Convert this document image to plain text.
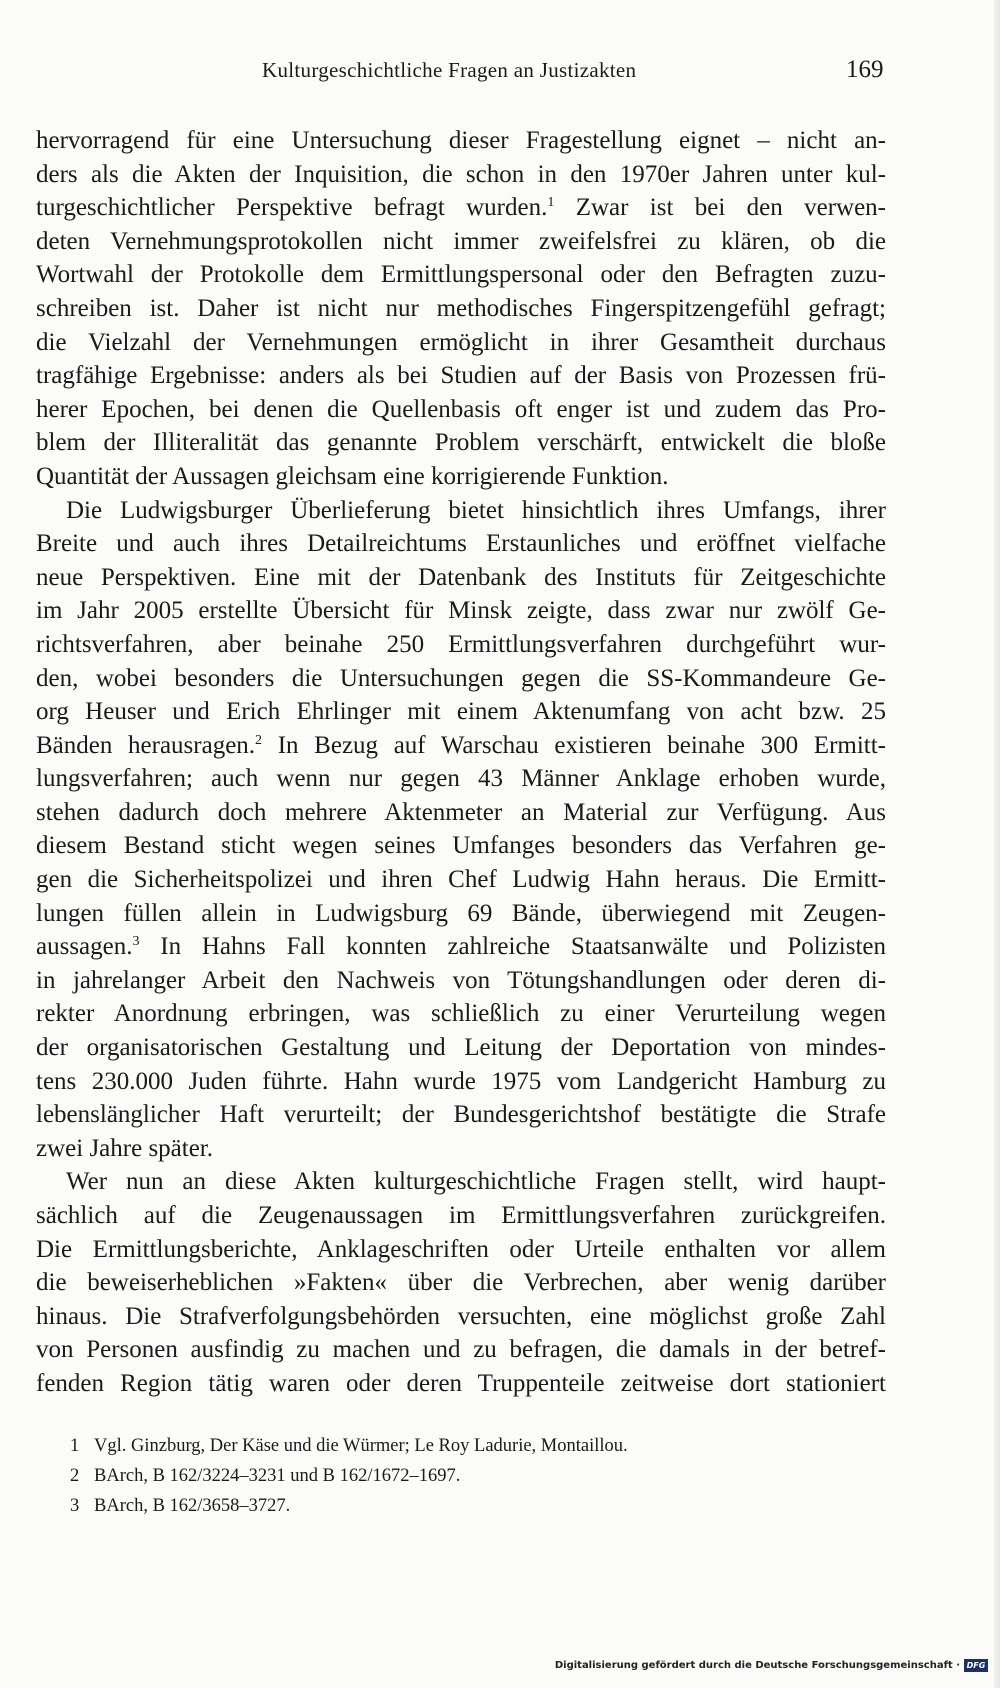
Kulturgeschichtliche Fragen an Justizakten	169
hervorragend für eine Untersuchung dieser Fragestellung eignet – nicht an-
ders als die Akten der Inquisition, die schon in den 1970er Jahren unter kul-
turgeschichtlicher Perspektive befragt wurden.$^1$ Zwar ist bei den verwen-
deten Vernehmungsprotokollen nicht immer zweifelsfrei zu klären, ob die
Wortwahl der Protokolle dem Ermittlungspersonal oder den Befragten zuzu-
schreiben ist. Daher ist nicht nur methodisches Fingerspitzengefühl gefragt;
die Vielzahl der Vernehmungen ermöglicht in ihrer Gesamtheit durchaus
tragfähige Ergebnisse: anders als bei Studien auf der Basis von Prozessen frü-
herer Epochen, bei denen die Quellenbasis oft enger ist und zudem das Pro-
blem der Illiteralität das genannte Problem verschärft, entwickelt die bloße
Quantität der Aussagen gleichsam eine korrigierende Funktion.
Die Ludwigsburger Überlieferung bietet hinsichtlich ihres Umfangs, ihrer
Breite und auch ihres Detailreichtums Erstaunliches und eröffnet vielfache
neue Perspektiven. Eine mit der Datenbank des Instituts für Zeitgeschichte
im Jahr 2005 erstellte Übersicht für Minsk zeigte, dass zwar nur zwölf Ge-
richtsverfahren, aber beinahe 250 Ermittlungsverfahren durchgeführt wur-
den, wobei besonders die Untersuchungen gegen die SS-Kommandeure Ge-
org Heuser und Erich Ehrlinger mit einem Aktenumfang von acht bzw. 25
Bänden herausragen.$^2$ In Bezug auf Warschau existieren beinahe 300 Ermitt-
lungsverfahren; auch wenn nur gegen 43 Männer Anklage erhoben wurde,
stehen dadurch doch mehrere Aktenmeter an Material zur Verfügung. Aus
diesem Bestand sticht wegen seines Umfanges besonders das Verfahren ge-
gen die Sicherheitspolizei und ihren Chef Ludwig Hahn heraus. Die Ermitt-
lungen füllen allein in Ludwigsburg 69 Bände, überwiegend mit Zeugen-
aussagen.$^3$ In Hahns Fall konnten zahlreiche Staatsanwälte und Polizisten
in jahrelanger Arbeit den Nachweis von Tötungshandlungen oder deren di-
rekter Anordnung erbringen, was schließlich zu einer Verurteilung wegen
der organisatorischen Gestaltung und Leitung der Deportation von mindes-
tens 230.000 Juden führte. Hahn wurde 1975 vom Landgericht Hamburg zu
lebenslänglicher Haft verurteilt; der Bundesgerichtshof bestätigte die Strafe
zwei Jahre später.
Wer nun an diese Akten kulturgeschichtliche Fragen stellt, wird haupt-
sächlich auf die Zeugenaussagen im Ermittlungsverfahren zurückgreifen.
Die Ermittlungsberichte, Anklageschriften oder Urteile enthalten vor allem
die beweiserheblichen »Fakten« über die Verbrechen, aber wenig darüber
hinaus. Die Strafverfolgungsbehörden versuchten, eine möglichst große Zahl
von Personen ausfindig zu machen und zu befragen, die damals in der betref-
fenden Region tätig waren oder deren Truppenteile zeitweise dort stationiert
1 Vgl. Ginzburg, Der Käse und die Würmer; Le Roy Ladurie, Montaillou.
2 BArch, B 162/3224–3231 und B 162/1672–1697.
3 BArch, B 162/3658–3727.
Digitalisierung gefördert durch die Deutsche Forschungsgemeinschaft · DFG
